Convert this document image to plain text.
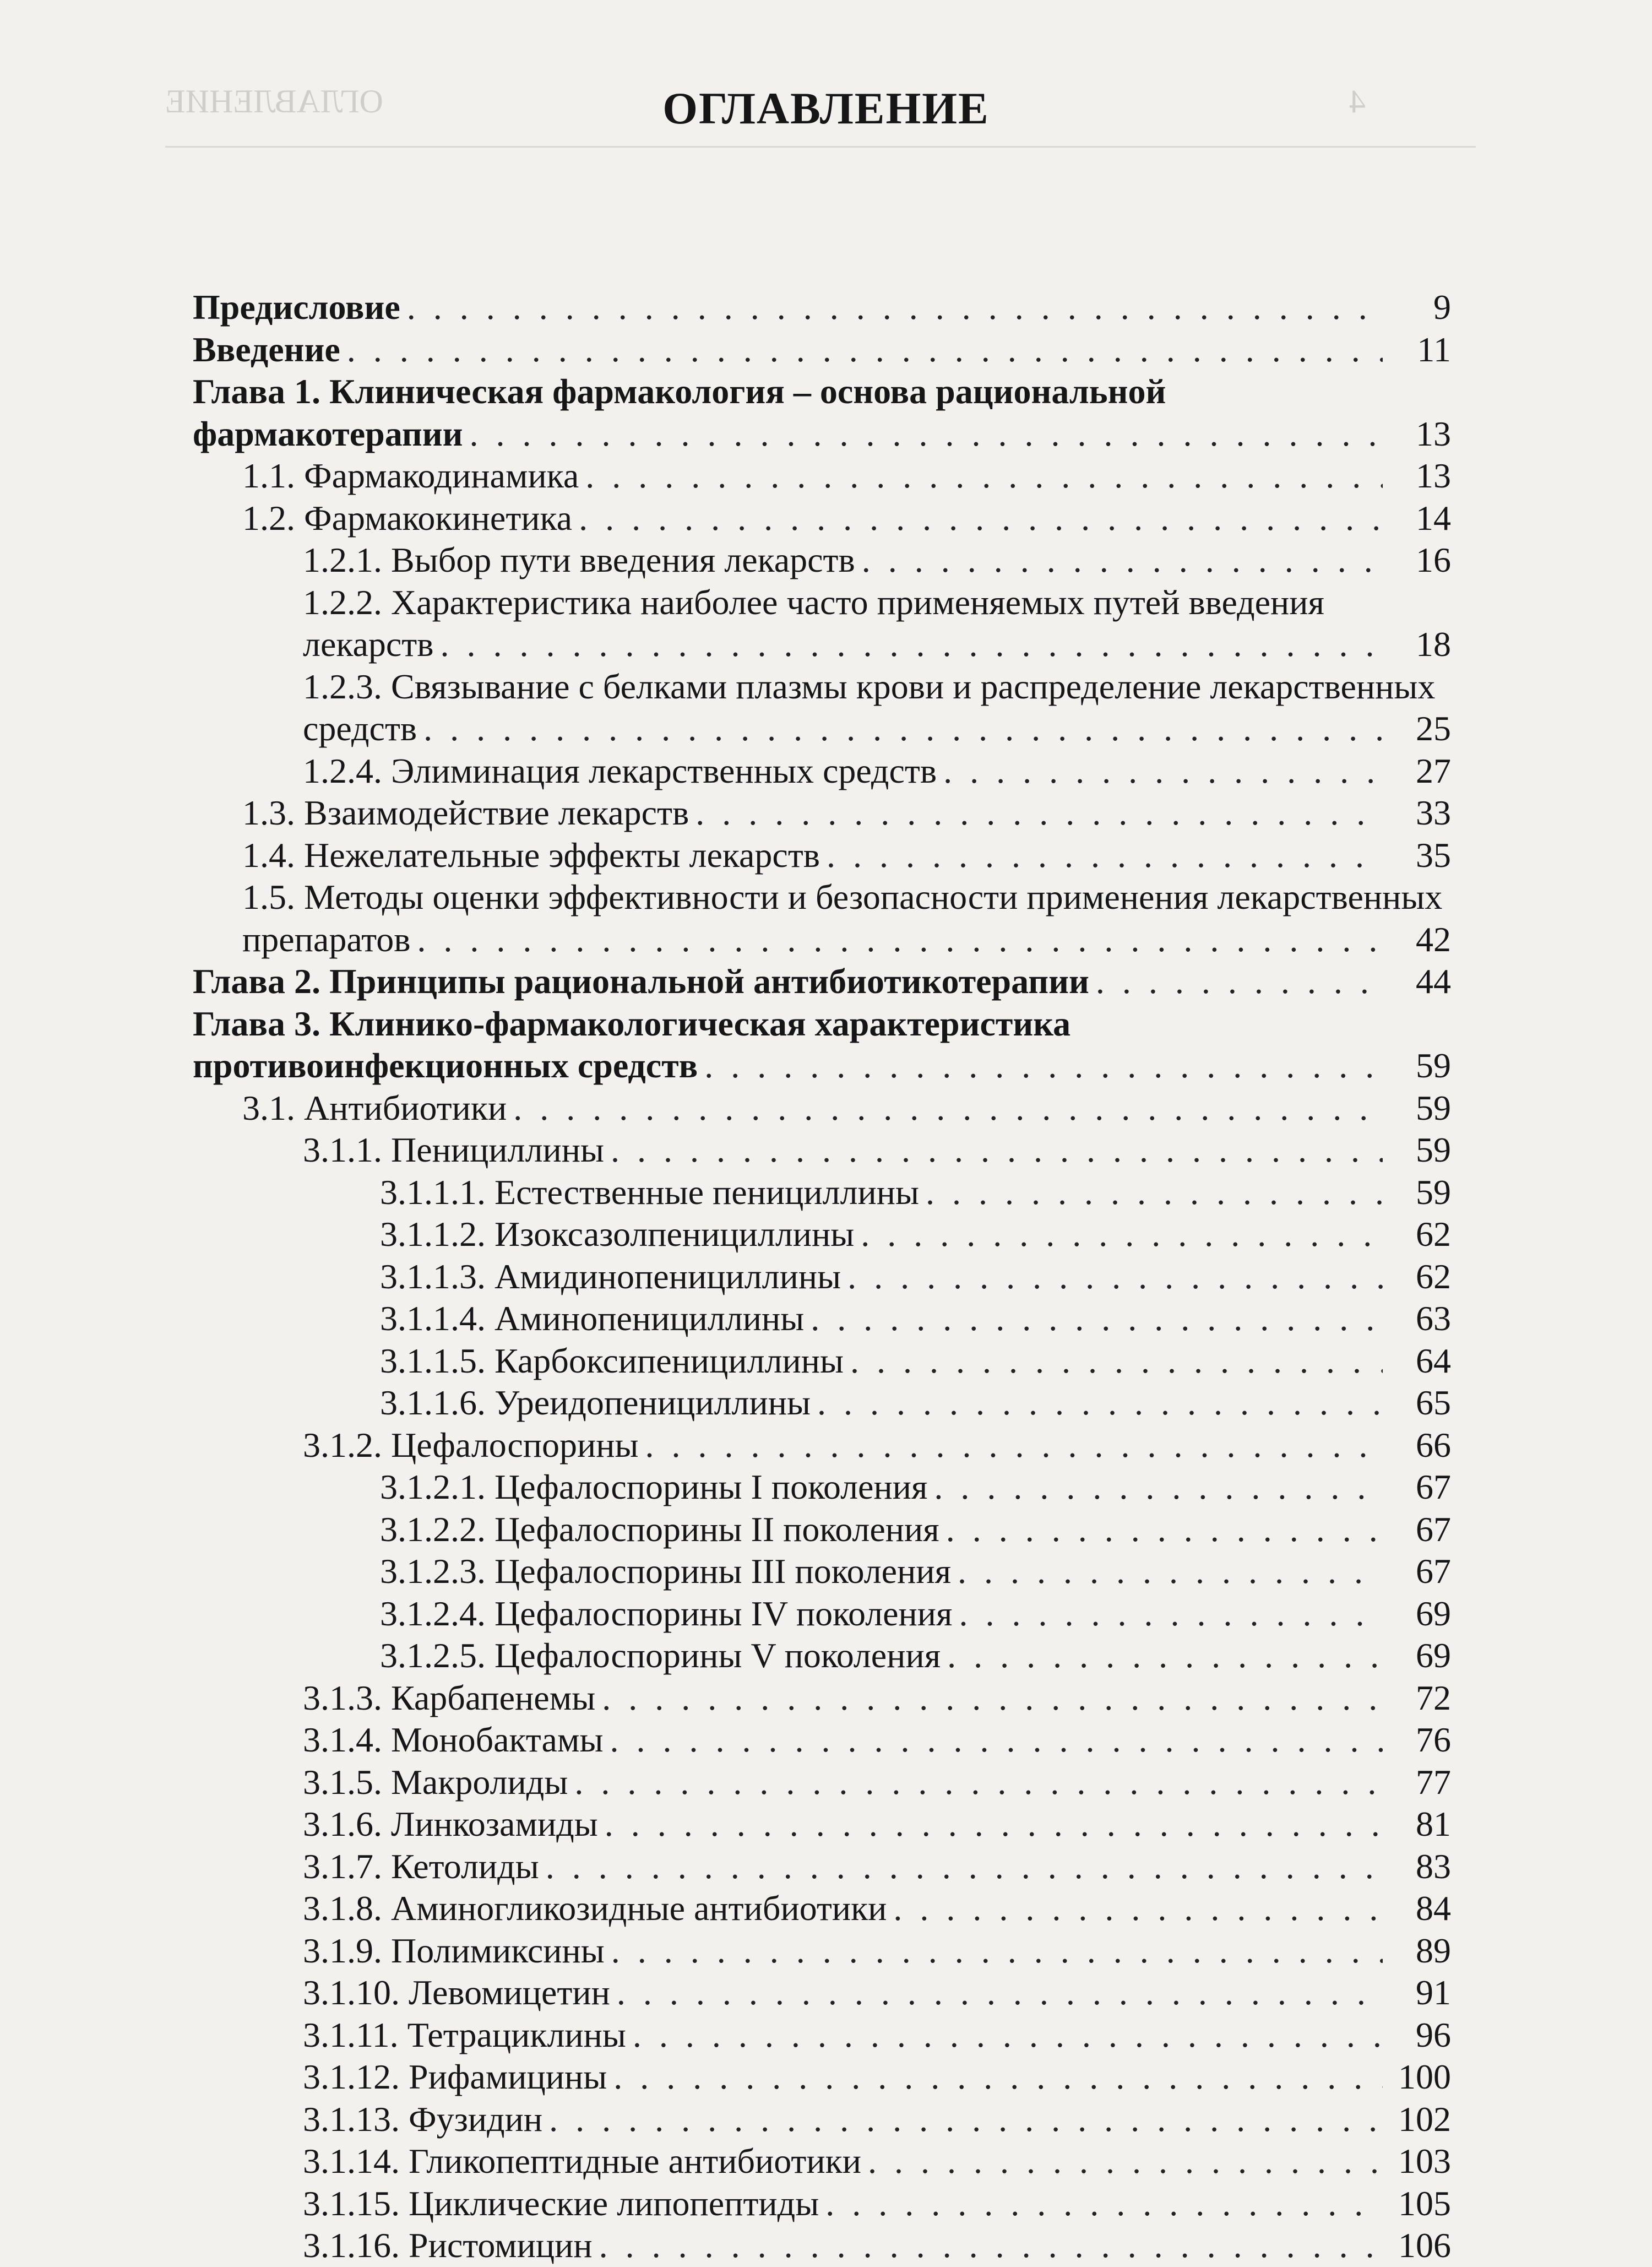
4
ОГЛАВЛЕНИЕ	ОГЛАВЛЕНИЕ
Предисловие . . .	9
Введение . . .	11
Глава 1. Клиническая фармакология – основа рациональной
фармакотерапии . . .	13
1.1. Фармакодинамика . . .	13
1.2. Фармакокинетика . . .	14
1.2.1. Выбор пути введения лекарств . . .	16
1.2.2. Характеристика наиболее часто применяемых путей введения
лекарств . . .	18
1.2.3. Связывание с белками плазмы крови и распределение лекарственных
средств . . .	25
1.2.4. Элиминация лекарственных средств . . .	27
1.3. Взаимодействие лекарств . . .	33
1.4. Нежелательные эффекты лекарств . . .	35
1.5. Методы оценки эффективности и безопасности применения лекарственных
препаратов . . .	42
Глава 2. Принципы рациональной антибиотикотерапии . . .	44
Глава 3. Клинико-фармакологическая характеристика
противоинфекционных средств . . .	59
3.1. Антибиотики . . .	59
3.1.1. Пенициллины . . .	59
3.1.1.1. Естественные пенициллины . . .	59
3.1.1.2. Изоксазолпенициллины . . .	62
3.1.1.3. Амидинопенициллины . . .	62
3.1.1.4. Аминопенициллины . . .	63
3.1.1.5. Карбоксипенициллины . . .	64
3.1.1.6. Уреидопенициллины . . .	65
3.1.2. Цефалоспорины . . .	66
3.1.2.1. Цефалоспорины I поколения . . .	67
3.1.2.2. Цефалоспорины II поколения . . .	67
3.1.2.3. Цефалоспорины III поколения . . .	67
3.1.2.4. Цефалоспорины IV поколения . . .	69
3.1.2.5. Цефалоспорины V поколения . . .	69
3.1.3. Карбапенемы . . .	72
3.1.4. Монобактамы . . .	76
3.1.5. Макролиды . . .	77
3.1.6. Линкозамиды . . .	81
3.1.7. Кетолиды . . .	83
3.1.8. Аминогликозидные антибиотики . . .	84
3.1.9. Полимиксины . . .	89
3.1.10. Левомицетин . . .	91
3.1.11. Тетрациклины . . .	96
3.1.12. Рифамицины . . .	100
3.1.13. Фузидин . . .	102
3.1.14. Гликопептидные антибиотики . . .	103
3.1.15. Циклические липопептиды . . .	105
3.1.16. Ристомицин . . .	106
